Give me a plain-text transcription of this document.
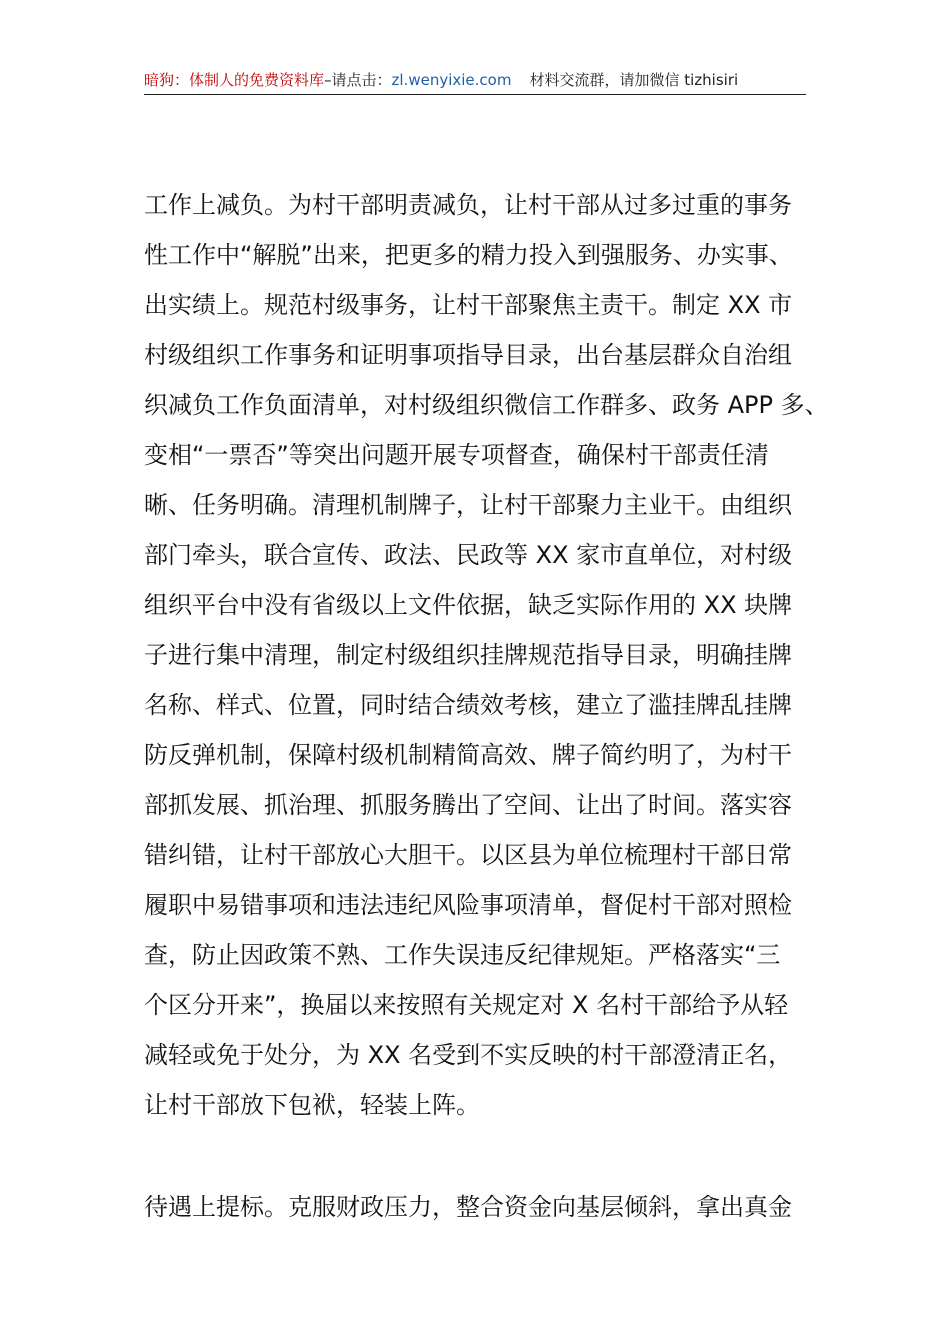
暗狗：体制人的免费资料库–请点击：zl.wenyixie.com 材料交流群，请加微信 tizhisiri
工作上减负。为村干部明责减负，让村干部从过多过重的事务
性工作中“解脱”出来，把更多的精力投入到强服务、办实事、
出实绩上。规范村级事务，让村干部聚焦主责干。制定 XX 市
村级组织工作事务和证明事项指导目录，出台基层群众自治组
织减负工作负面清单，对村级组织微信工作群多、政务 APP 多、
变相“一票否”等突出问题开展专项督查，确保村干部责任清
晰、任务明确。清理机制牌子，让村干部聚力主业干。由组织
部门牵头，联合宣传、政法、民政等 XX 家市直单位，对村级
组织平台中没有省级以上文件依据，缺乏实际作用的 XX 块牌
子进行集中清理，制定村级组织挂牌规范指导目录，明确挂牌
名称、样式、位置，同时结合绩效考核，建立了滥挂牌乱挂牌
防反弹机制，保障村级机制精简高效、牌子简约明了，为村干
部抓发展、抓治理、抓服务腾出了空间、让出了时间。落实容
错纠错，让村干部放心大胆干。以区县为单位梳理村干部日常
履职中易错事项和违法违纪风险事项清单，督促村干部对照检
查，防止因政策不熟、工作失误违反纪律规矩。严格落实“三
个区分开来”，换届以来按照有关规定对 X 名村干部给予从轻
减轻或免于处分，为 XX 名受到不实反映的村干部澄清正名，
让村干部放下包袱，轻装上阵。
待遇上提标。克服财政压力，整合资金向基层倾斜，拿出真金
